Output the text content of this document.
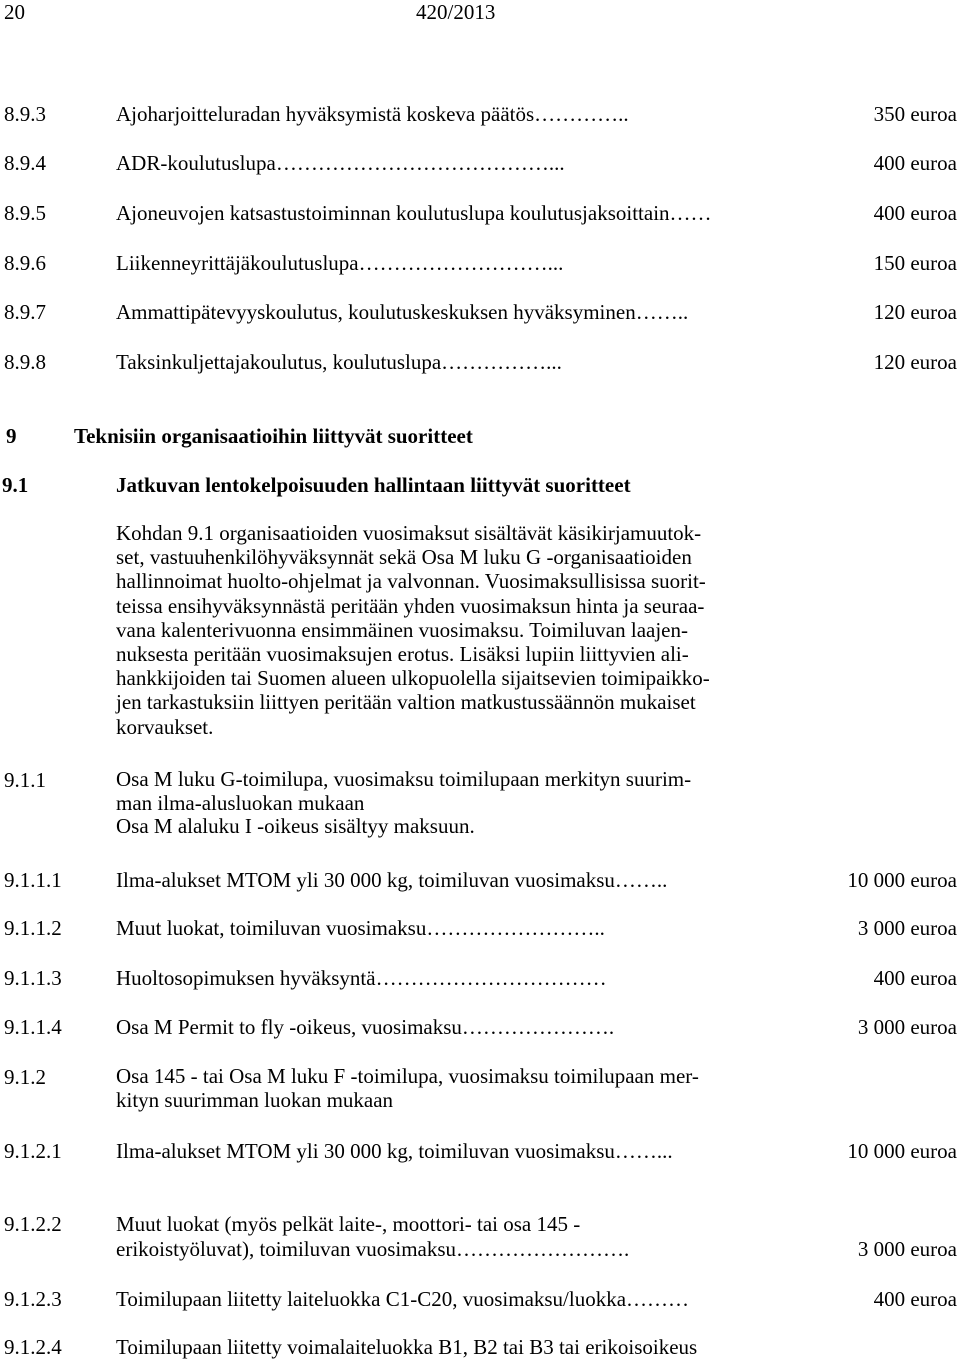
20	420/2013
8.9.3	Ajoharjoitteluradan hyväksymistä koskeva päätös…………..	350 euroa
8.9.4	ADR-koulutuslupa…………………………………...	400 euroa
8.9.5	Ajoneuvojen katsastustoiminnan koulutuslupa koulutusjaksoittain……	400 euroa
8.9.6	Liikenneyrittäjäkoulutuslupa………………………...	150 euroa
8.9.7	Ammattipätevyyskoulutus, koulutuskeskuksen hyväksyminen……..	120 euroa
8.9.8	Taksinkuljettajakoulutus, koulutuslupa……………...	120 euroa
9	Teknisiin organisaatioihin liittyvät suoritteet
9.1	Jatkuvan lentokelpoisuuden hallintaan liittyvät suoritteet
Kohdan 9.1 organisaatioiden vuosimaksut sisältävät käsikirjamuutok-
set, vastuuhenkilöhyväksynnät sekä Osa M luku G -organisaatioiden
hallinnoimat huolto-ohjelmat ja valvonnan. Vuosimaksullisissa suorit-
teissa ensihyväksynnästä peritään yhden vuosimaksun hinta ja seuraa-
vana kalenterivuonna ensimmäinen vuosimaksu. Toimiluvan laajen-
nuksesta peritään vuosimaksujen erotus. Lisäksi lupiin liittyvien ali-
hankkijoiden tai Suomen alueen ulkopuolella sijaitsevien toimipaikko-
jen tarkastuksiin liittyen peritään valtion matkustussäännön mukaiset
korvaukset.
9.1.1	Osa M luku G-toimilupa, vuosimaksu toimilupaan merkityn suurim-
man ilma-alusluokan mukaan
Osa M alaluku I -oikeus sisältyy maksuun.
9.1.1.1	Ilma-alukset MTOM yli 30 000 kg, toimiluvan vuosimaksu……..	10 000 euroa
9.1.1.2	Muut luokat, toimiluvan vuosimaksu……………………..	3 000 euroa
9.1.1.3	Huoltosopimuksen hyväksyntä……………………………	400 euroa
9.1.1.4	Osa M Permit to fly -oikeus, vuosimaksu………………….	3 000 euroa
9.1.2	Osa 145 - tai Osa M luku F -toimilupa, vuosimaksu toimilupaan mer-
kityn suurimman luokan mukaan
9.1.2.1	Ilma-alukset MTOM yli 30 000 kg, toimiluvan vuosimaksu……...	10 000 euroa
9.1.2.2	Muut luokat (myös pelkät laite-, moottori- tai osa 145 -
erikoistyöluvat), toimiluvan vuosimaksu…………………….	3 000 euroa
9.1.2.3	Toimilupaan liitetty laiteluokka C1-C20, vuosimaksu/luokka………	400 euroa
9.1.2.4	Toimilupaan liitetty voimalaiteluokka B1, B2 tai B3 tai erikoisoikeus
